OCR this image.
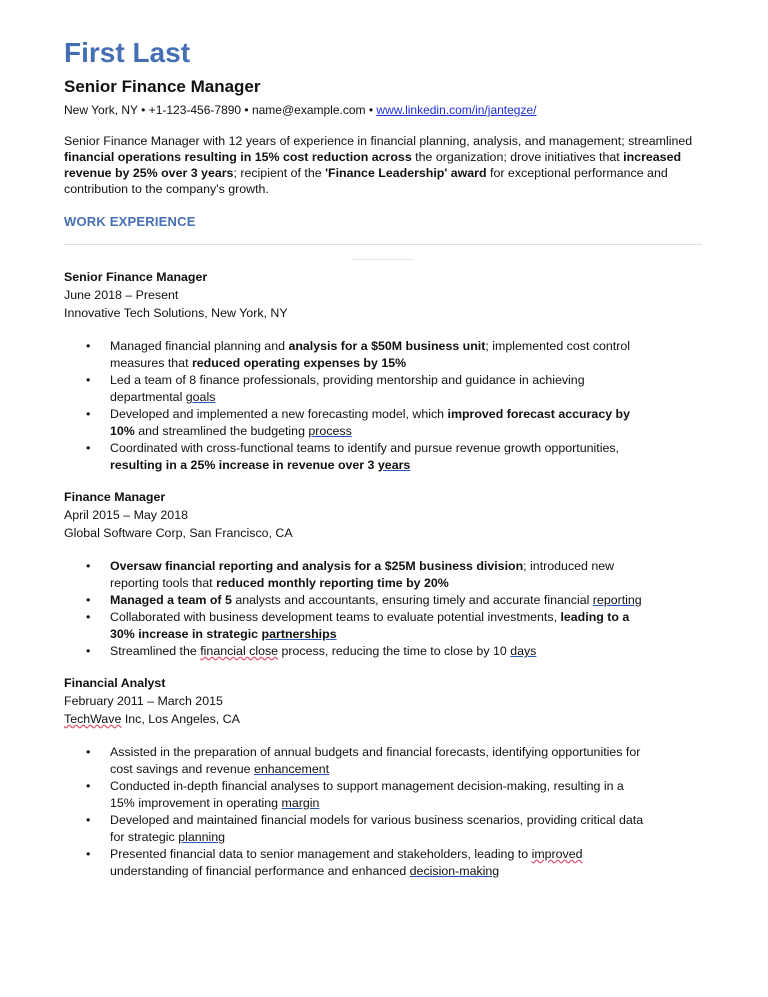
First Last
Senior Finance Manager
New York, NY • +1-123-456-7890 • name@example.com • www.linkedin.com/in/jantegze/
Senior Finance Manager with 12 years of experience in financial planning, analysis, and management; streamlined financial operations resulting in 15% cost reduction across the organization; drove initiatives that increased revenue by 25% over 3 years; recipient of the 'Finance Leadership' award for exceptional performance and contribution to the company's growth.
WORK EXPERIENCE
Senior Finance Manager
June 2018 – Present
Innovative Tech Solutions, New York, NY
• Managed financial planning and analysis for a $50M business unit; implemented cost control measures that reduced operating expenses by 15%
• Led a team of 8 finance professionals, providing mentorship and guidance in achieving departmental goals
• Developed and implemented a new forecasting model, which improved forecast accuracy by 10% and streamlined the budgeting process
• Coordinated with cross-functional teams to identify and pursue revenue growth opportunities, resulting in a 25% increase in revenue over 3 years
Finance Manager
April 2015 – May 2018
Global Software Corp, San Francisco, CA
• Oversaw financial reporting and analysis for a $25M business division; introduced new reporting tools that reduced monthly reporting time by 20%
• Managed a team of 5 analysts and accountants, ensuring timely and accurate financial reporting
• Collaborated with business development teams to evaluate potential investments, leading to a 30% increase in strategic partnerships
• Streamlined the financial close process, reducing the time to close by 10 days
Financial Analyst
February 2011 – March 2015
TechWave Inc, Los Angeles, CA
• Assisted in the preparation of annual budgets and financial forecasts, identifying opportunities for cost savings and revenue enhancement
• Conducted in-depth financial analyses to support management decision-making, resulting in a 15% improvement in operating margin
• Developed and maintained financial models for various business scenarios, providing critical data for strategic planning
• Presented financial data to senior management and stakeholders, leading to improved understanding of financial performance and enhanced decision-making
